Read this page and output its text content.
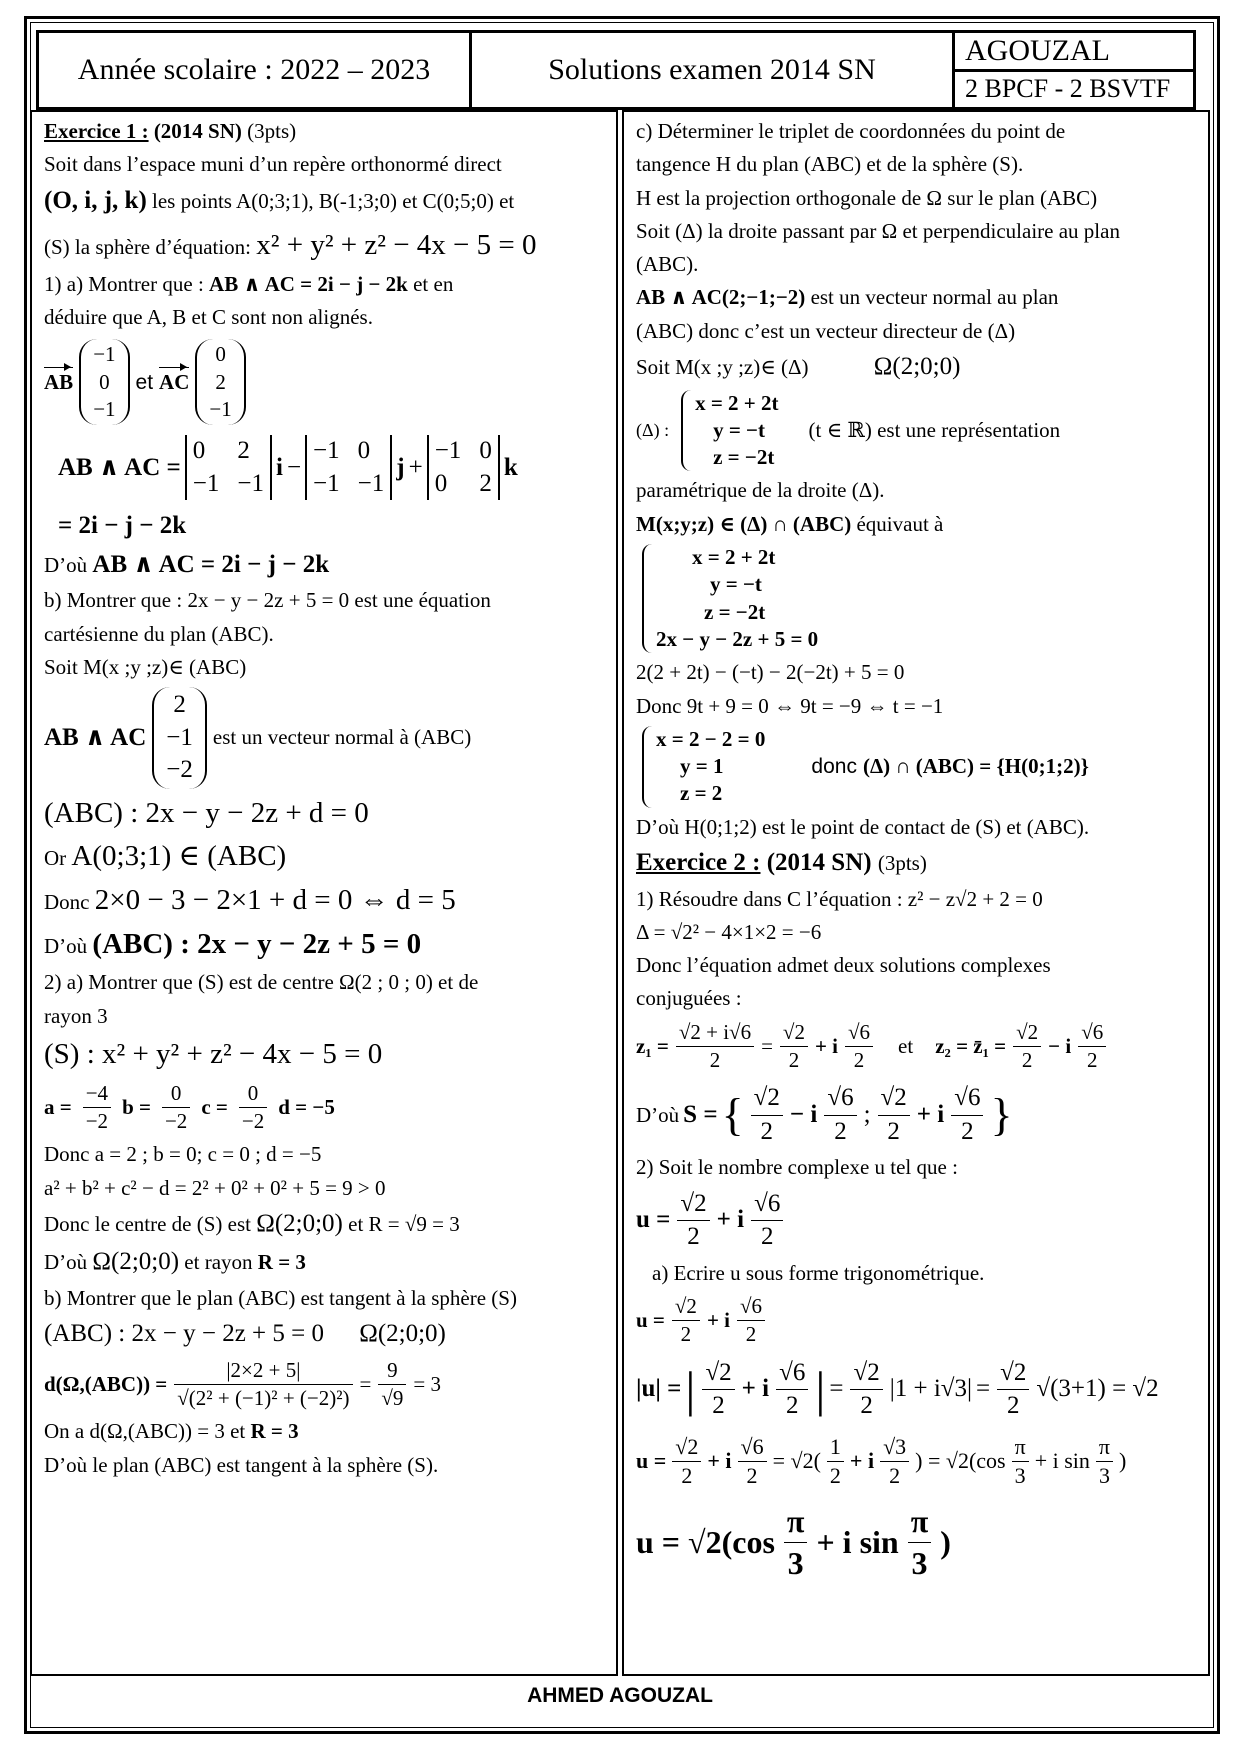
Année scolaire : 2022 – 2023	Solutions examen 2014 SN
AGOUZAL
2 BPCF - 2 BSVTF

Exercice 1 : (2014 SN) (3pts)

Soit dans l’espace muni d’un repère orthonormé direct

(O, i, j, k) les points A(0;3;1), B(-1;3;0) et C(0;5;0) et

(S) la sphère d’équation: x² + y² + z² − 4x − 5 = 0

1) a) Montrer que : AB ∧ AC = 2i − j − 2k et en

déduire que A, B et C sont non alignés.

AB
−1
0
−1
et AC
0
2
−1
AB ∧ AC =
0	2
−1 −1
i −
−1 0
−1 −1
j +
−1 0
0	2
k

= 2i − j − 2k

D’où AB ∧ AC = 2i − j − 2k

b) Montrer que : 2x − y − 2z + 5 = 0 est une équation

cartésienne du plan (ABC).

Soit M(x ;y ;z)∈ (ABC)

AB ∧ AC
2
−1
−2
est un vecteur normal à (ABC)

(ABC) : 2x − y − 2z + d = 0

Or A(0;3;1) ∈ (ABC)

Donc 2×0 − 3 − 2×1 + d = 0 ⇔ d = 5

D’où (ABC) : 2x − y − 2z + 5 = 0

2) a) Montrer que (S) est de centre Ω(2 ; 0 ; 0) et de

rayon 3

(S) : x² + y² + z² − 4x − 5 = 0

$a = \frac{-4}{-2}$ $b = \frac{0}{-2}$ $c = \frac{0}{-2}$ d = −5

Donc a = 2 ; b = 0; c = 0 ; d = −5

a² + b² + c² − d = 2² + 0² + 0² + 5 = 9 > 0

Donc le centre de (S) est Ω(2;0;0) et R = √9 = 3

D’où Ω(2;0;0) et rayon R = 3

b) Montrer que le plan (ABC) est tangent à la sphère (S)

(ABC) : 2x − y − 2z + 5 = 0 Ω(2;0;0)

$d(\Omega,(ABC)) = \frac{|2\times 2 + 5|}{\text{√(2² + (−1)² + (−2)²)}} = \frac{9}{√9} = 3$

On a d(Ω,(ABC)) = 3 et R = 3

D’où le plan (ABC) est tangent à la sphère (S).

c) Déterminer le triplet de coordonnées du point de

tangence H du plan (ABC) et de la sphère (S).

H est la projection orthogonale de Ω sur le plan (ABC)

Soit (Δ) la droite passant par Ω et perpendiculaire au plan

(ABC).

AB ∧ AC(2;−1;−2) est un vecteur normal au plan

(ABC) donc c’est un vecteur directeur de (Δ)

Soit M(x ;y ;z)∈ (Δ)	Ω(2;0;0)

(Δ) :
x = 2 + 2t
y = −t
z = −2t
(t ∈ ℝ) est une représentation

paramétrique de la droite (Δ).

M(x;y;z) ∈ (Δ) ∩ (ABC) équivaut à

x = 2 + 2t
y = −t
z = −2t
2x − y − 2z + 5 = 0

2(2 + 2t) − (−t) − 2(−2t) + 5 = 0

Donc 9t + 9 = 0 ⇔ 9t = −9 ⇔ t = −1

x = 2 − 2 = 0
y = 1
z = 2
donc (Δ) ∩ (ABC) = {H(0;1;2)}

D’où H(0;1;2) est le point de contact de (S) et (ABC).

Exercice 2 : (2014 SN) (3pts)

1) Résoudre dans C l’équation : z² − z√2 + 2 = 0

Δ = √2² − 4×1×2 = −6

Donc l’équation admet deux solutions complexes

conjuguées :

$z_1 = \frac{√2 + i√6}{2} = \frac{√2}{2} + i \frac{√6}{2}$ et z₂ = z̄₁ = $\frac{√2}{2} - i \frac{√6}{2}$
D’où S = { $\frac{√2}{2} - i \frac{√6}{2}$ ; $\frac{√2}{2} + i \frac{√6}{2}$ }

2) Soit le nombre complexe u tel que :

$u = \frac{√2}{2} + i \frac{√6}{2}$

a) Ecrire u sous forme trigonométrique.

$u = \frac{√2}{2} + i \frac{√6}{2}$
|u| = | $\frac{√2}{2} + i \frac{√6}{2}$ | = $\frac{√2}{2} |1 + i√3| = \frac{√2}{2} √(3+1) = √2$
$u = \frac{√2}{2} + i \frac{√6}{2} = √2( \frac{1}{2} + i \frac{√3}{2}$ ) = $√2(\cos \frac{\pi}{3} + i$ $\sin \frac{\pi}{3}$ )
$u = √2(\cos \frac{\pi}{3} + i$ $\sin \frac{\pi}{3}$ )
AHMED AGOUZAL
